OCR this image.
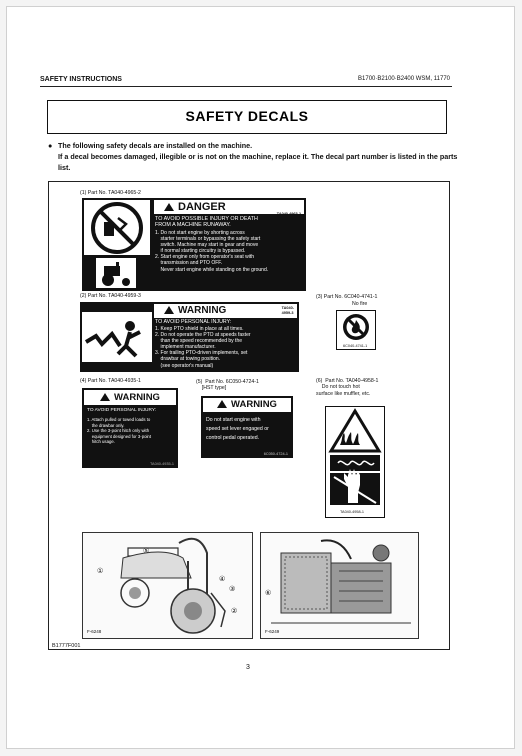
SAFETY INSTRUCTIONS	B1700·B2100·B2400 WSM, 11770
SAFETY DECALS
● The following safety decals are installed on the machine.
If a decal becomes damaged, illegible or is not on the machine, replace it. The decal part number is listed in the parts list.
(1) Part No. TA040-4965-2
DANGER
TA040-4965-2
TO AVOID POSSIBLE INJURY OR DEATH
FROM A MACHINE RUNAWAY.
1. Do not start engine by shorting across
starter terminals or bypassing the safety start
switch. Machine may start in gear and move
if normal starting circuitry is bypassed.
2. Start engine only from operator's seat with
transmission and PTO OFF.
Never start engine while standing on the ground.
(2) Part No. TA040-4959-3
WARNING	TA040-
4959-3
TO AVOID PERSONAL INJURY:
1. Keep PTO shield in place at all times.
2. Do not operate the PTO at speeds faster
than the speed recommended by the
implement manufacturer.
3. For trailing PTO-driven implements, set
drawbar at towing position.
(see operator's manual)
(3) Part No. 6C040-4741-1
No fire
6C040-4741-1
(4) Part No. TA040-4935-1
WARNING
TO AVOID PERSONAL INJURY:
1. Attach pulled or towed loads to
the drawbar only.
2. Use the 3-point hitch only with
equipment designed for 3-point
hitch usage.
TA040-4935-1
(5)  Part No. 6C050-4724-1
[HST type]
WARNING
Do not start engine with
speed set lever engaged or
control pedal operated.
6C050-4724-1
(6)  Part No. TA040-4958-1
Do not touch hot
surface like muffler, etc.
TA040-4958-1
①
②
③
④
⑤
F-6248
⑥
F-6249
B1777F001
3
